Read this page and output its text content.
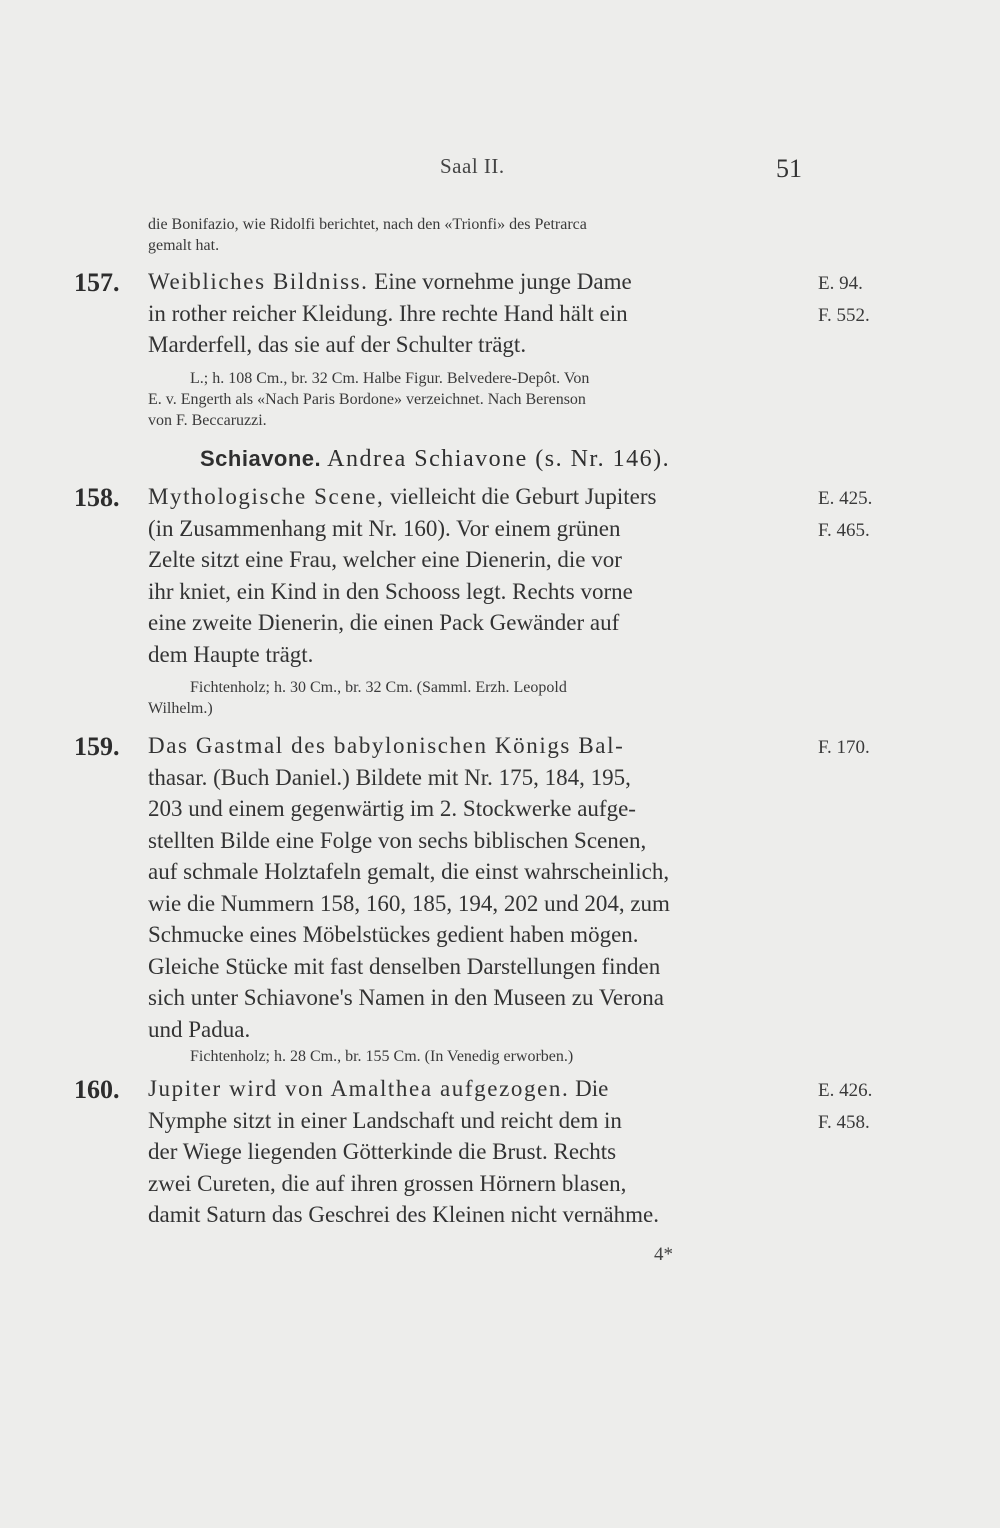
Saal II.	51

die Bonifazio, wie Ridolfi berichtet, nach den «Trionfi» des Petrarca

gemalt hat.

157. Weibliches Bildniss. Eine vornehme junge Dame

in rother reicher Kleidung. Ihre rechte Hand hält ein

Marderfell, das sie auf der Schulter trägt.

E. 94.
F. 552.

L.; h. 108 Cm., br. 32 Cm. Halbe Figur. Belvedere-Depôt. Von

E. v. Engerth als «Nach Paris Bordone» verzeichnet. Nach Berenson

von F. Beccaruzzi.

Schiavone. Andrea Schiavone (s. Nr. 146).
158. Mythologische Scene, vielleicht die Geburt Jupiters

(in Zusammenhang mit Nr. 160). Vor einem grünen

Zelte sitzt eine Frau, welcher eine Dienerin, die vor

ihr kniet, ein Kind in den Schooss legt. Rechts vorne

eine zweite Dienerin, die einen Pack Gewänder auf

dem Haupte trägt.

E. 425.
F. 465.

Fichtenholz; h. 30 Cm., br. 32 Cm. (Samml. Erzh. Leopold

Wilhelm.)

159. Das Gastmal des babylonischen Königs Bal-

thasar. (Buch Daniel.) Bildete mit Nr. 175, 184, 195,

203 und einem gegenwärtig im 2. Stockwerke aufge-

stellten Bilde eine Folge von sechs biblischen Scenen,

auf schmale Holztafeln gemalt, die einst wahrscheinlich,

wie die Nummern 158, 160, 185, 194, 202 und 204, zum

Schmucke eines Möbelstückes gedient haben mögen.

Gleiche Stücke mit fast denselben Darstellungen finden

sich unter Schiavone's Namen in den Museen zu Verona

und Padua.

F. 170.

Fichtenholz; h. 28 Cm., br. 155 Cm. (In Venedig erworben.)

160. Jupiter wird von Amalthea aufgezogen. Die

Nymphe sitzt in einer Landschaft und reicht dem in

der Wiege liegenden Götterkinde die Brust. Rechts

zwei Cureten, die auf ihren grossen Hörnern blasen,

damit Saturn das Geschrei des Kleinen nicht vernähme.

E. 426.
F. 458.
4*
